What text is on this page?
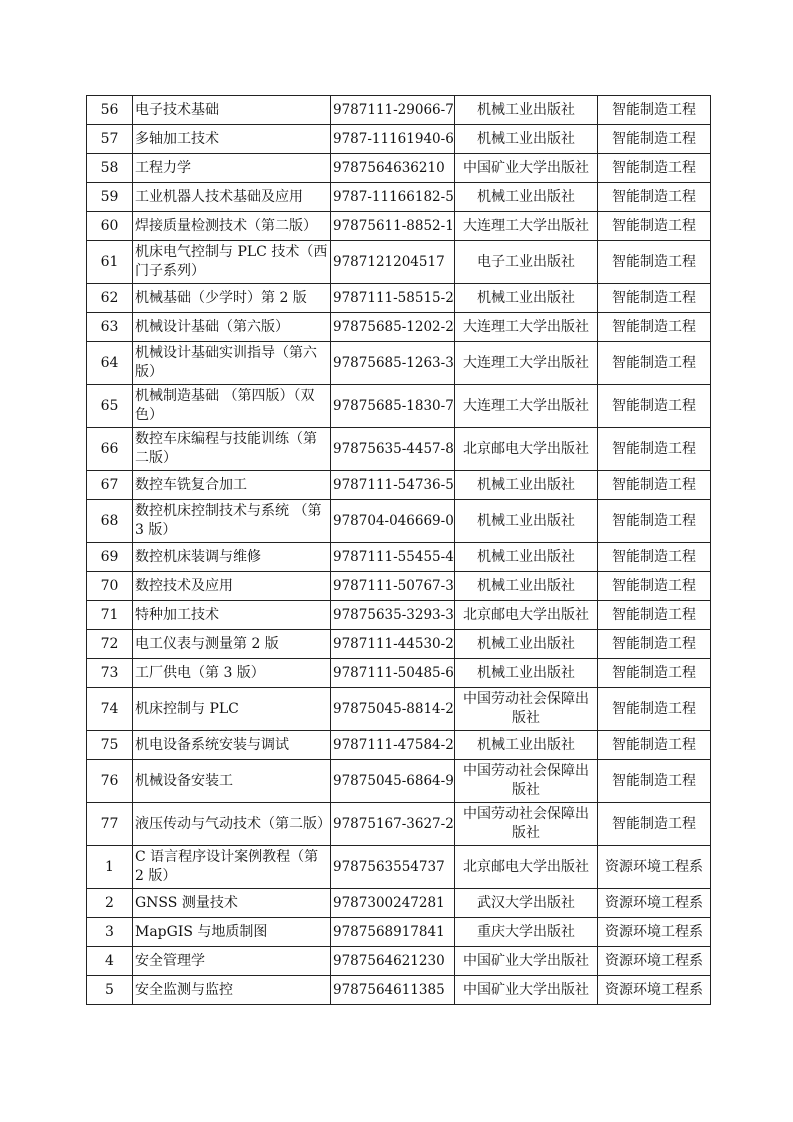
56	电子技术基础	9787111-29066-7	机械工业出版社	智能制造工程
57	多轴加工技术	9787-11161940-6	机械工业出版社	智能制造工程
58	工程力学	9787564636210	中国矿业大学出版社	智能制造工程
59	工业机器人技术基础及应用	9787-11166182-5	机械工业出版社	智能制造工程
60	焊接质量检测技术（第二版）	97875611-8852-1	大连理工大学出版社	智能制造工程
61	机床电气控制与 PLC 技术（西门子系列）	9787121204517	电子工业出版社	智能制造工程
62	机械基础（少学时）第 2 版	9787111-58515-2	机械工业出版社	智能制造工程
63	机械设计基础（第六版）	97875685-1202-2	大连理工大学出版社	智能制造工程
64	机械设计基础实训指导（第六版）	97875685-1263-3	大连理工大学出版社	智能制造工程
65	机械制造基础 （第四版）（双色）	97875685-1830-7	大连理工大学出版社	智能制造工程
66	数控车床编程与技能训练（第二版）	97875635-4457-8	北京邮电大学出版社	智能制造工程
67	数控车铣复合加工	9787111-54736-5	机械工业出版社	智能制造工程
68	数控机床控制技术与系统 （第3 版）	978704-046669-0	机械工业出版社	智能制造工程
69	数控机床装调与维修	9787111-55455-4	机械工业出版社	智能制造工程
70	数控技术及应用	9787111-50767-3	机械工业出版社	智能制造工程
71	特种加工技术	97875635-3293-3	北京邮电大学出版社	智能制造工程
72	电工仪表与测量第 2 版	9787111-44530-2	机械工业出版社	智能制造工程
73	工厂供电（第 3 版）	9787111-50485-6	机械工业出版社	智能制造工程
74	机床控制与 PLC	97875045-8814-2	中国劳动社会保障出版社	智能制造工程
75	机电设备系统安装与调试	9787111-47584-2	机械工业出版社	智能制造工程
76	机械设备安装工	97875045-6864-9	中国劳动社会保障出版社	智能制造工程
77	液压传动与气动技术（第二版）	97875167-3627-2	中国劳动社会保障出版社	智能制造工程
1	C 语言程序设计案例教程（第 2 版）	9787563554737	北京邮电大学出版社	资源环境工程系
2	GNSS 测量技术	9787300247281	武汉大学出版社	资源环境工程系
3	MapGIS 与地质制图	9787568917841	重庆大学出版社	资源环境工程系
4	安全管理学	9787564621230	中国矿业大学出版社	资源环境工程系
5	安全监测与监控	9787564611385	中国矿业大学出版社	资源环境工程系
